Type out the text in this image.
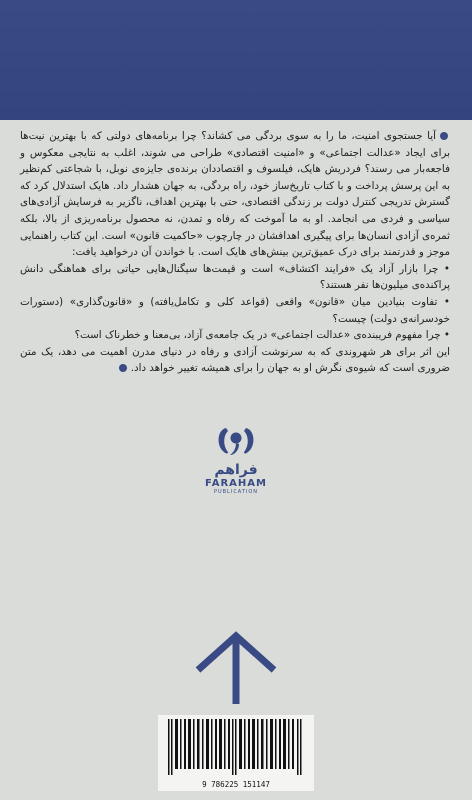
آیا جستجوی امنیت، ما را به سوی بردگی می کشاند؟ چرا برنامه‌های دولتی که با بهترین نیت‌ها برای ایجاد «عدالت اجتماعی» و «امنیت اقتصادی» طراحی می شوند، اغلب به نتایجی معکوس و فاجعه‌بار می رسند؟ فردریش هایک، فیلسوف و اقتصاددان برنده‌ی جایزه‌ی نوبل، با شجاعتی کم‌نظیر به این پرسش پرداخت و با کتاب تاریخ‌ساز خود، راه بردگی، به جهان هشدار داد. هایک استدلال کرد که گسترش تدریجی کنترل دولت بر زندگی اقتصادی، حتی با بهترین اهداف، ناگزیر به فرسایش آزادی‌های سیاسی و فردی می انجامد. او به ما آموخت که رفاه و تمدن، نه محصول برنامه‌ریزی از بالا، بلکه ثمره‌ی آزادی انسان‌ها برای پیگیری اهدافشان در چارچوب «حاکمیت قانون» است. این کتاب راهنمایی موجز و قدرتمند برای درک عمیق‌ترین بینش‌های هایک است. با خواندن آن درخواهید یافت:

• چرا بازار آزاد یک «فرایند اکتشاف» است و قیمت‌ها سیگنال‌هایی حیاتی برای هماهنگی دانش پراکنده‌ی میلیون‌ها نفر هستند؟

• تفاوت بنیادین میان «قانون» واقعی (قواعد کلی و تکامل‌یافته) و «قانون‌گذاری» (دستورات خودسرانه‌ی دولت) چیست؟

• چرا مفهوم فریبنده‌ی «عدالت اجتماعی» در یک جامعه‌ی آزاد، بی‌معنا و خطرناک است؟

این اثر برای هر شهروندی که به سرنوشت آزادی و رفاه در دنیای مدرن اهمیت می دهد، یک متن ضروری است که شیوه‌ی نگرش او به جهان را برای همیشه تغییر خواهد داد.

فراهم
FARAHAM
PUBLICATION
9 786225 151147
